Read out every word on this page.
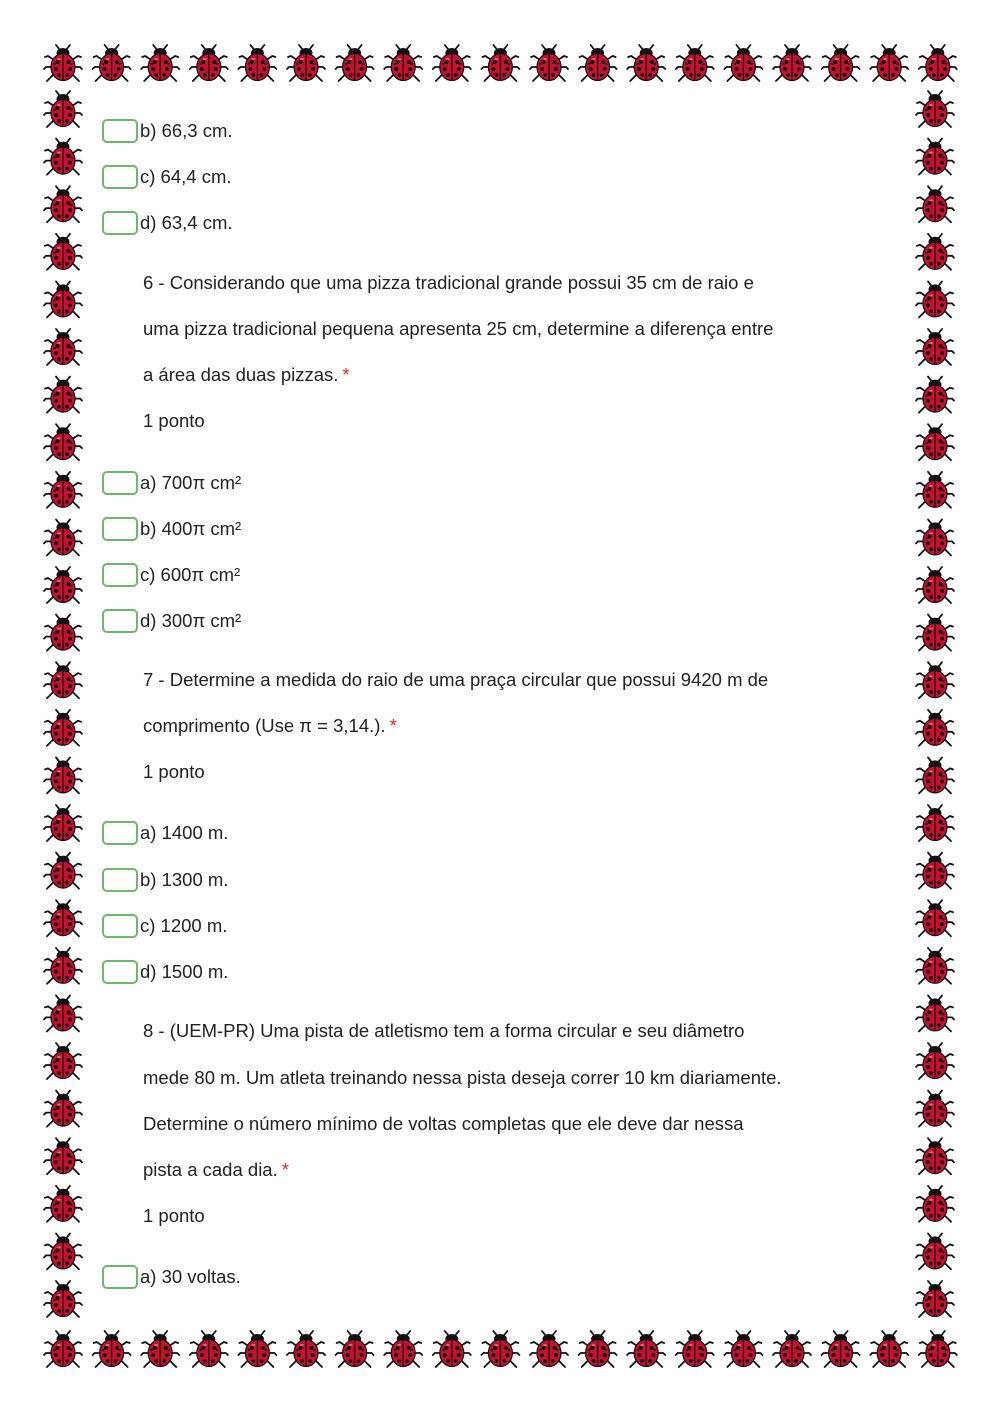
b) 66,3 cm.
c) 64,4 cm.
d) 63,4 cm.
6 - Considerando que uma pizza tradicional grande possui 35 cm de raio e
uma pizza tradicional pequena apresenta 25 cm, determine a diferença entre
a área das duas pizzas. *
1 ponto
a) 700π cm²
b) 400π cm²
c) 600π cm²
d) 300π cm²
7 - Determine a medida do raio de uma praça circular que possui 9420 m de
comprimento (Use π = 3,14.). *
1 ponto
a) 1400 m.
b) 1300 m.
c) 1200 m.
d) 1500 m.
8 - (UEM-PR) Uma pista de atletismo tem a forma circular e seu diâmetro
mede 80 m. Um atleta treinando nessa pista deseja correr 10 km diariamente.
Determine o número mínimo de voltas completas que ele deve dar nessa
pista a cada dia. *
1 ponto
a) 30 voltas.
